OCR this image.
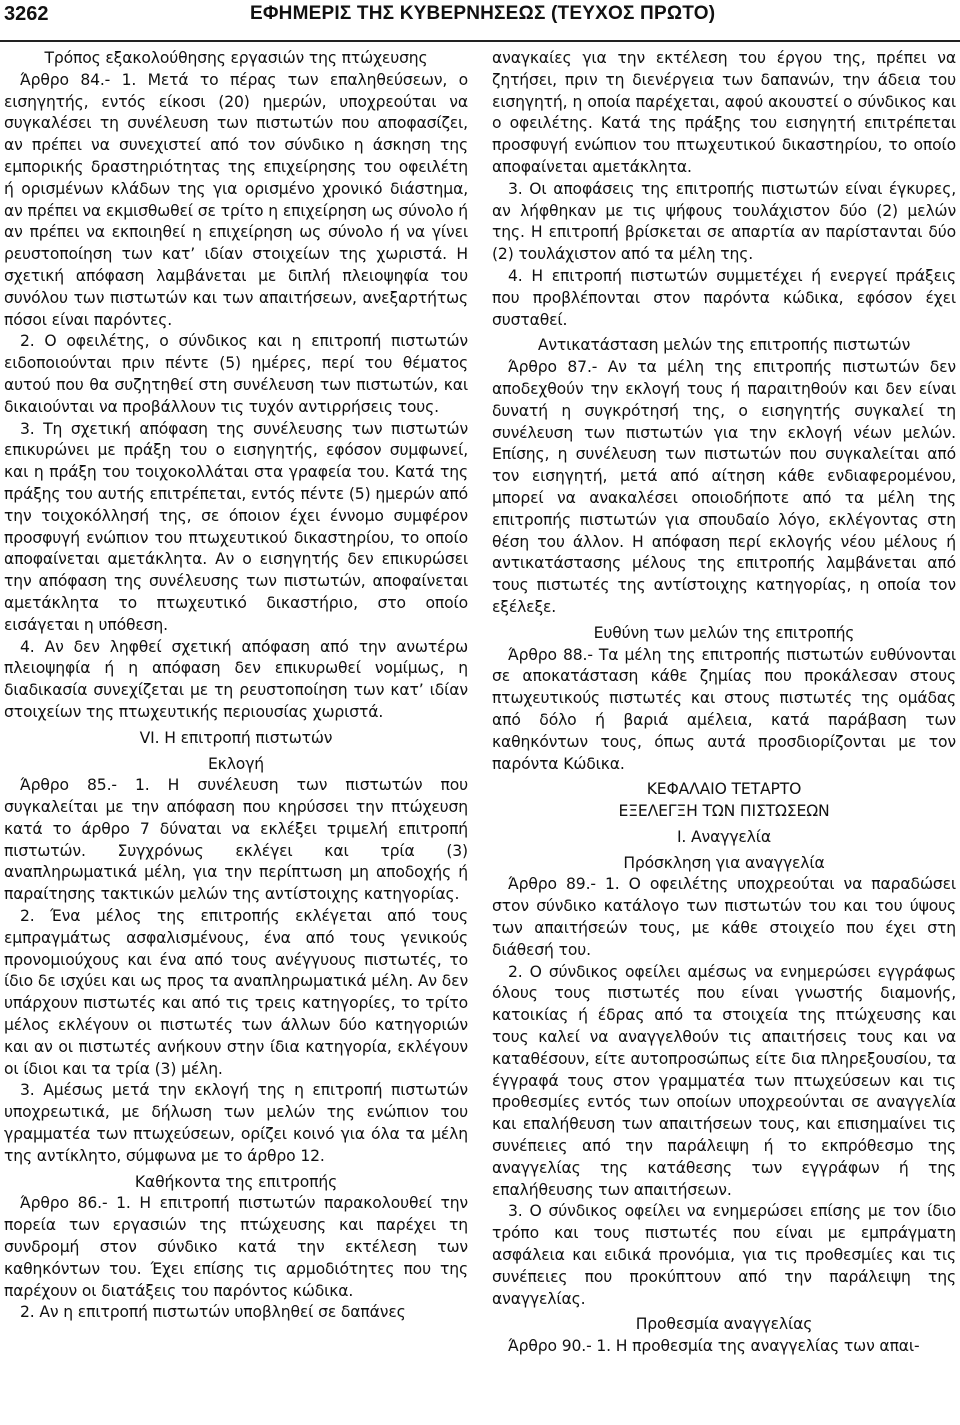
3262	ΕΦΗΜΕΡΙΣ ΤΗΣ ΚΥΒΕΡΝΗΣΕΩΣ (ΤΕΥΧΟΣ ΠΡΩΤΟ)
Τρόπος εξακολούθησης εργασιών της πτώχευσης

Άρθρο 84.- 1. Μετά το πέρας των επαληθεύσεων, ο εισηγητής, εντός είκοσι (20) ημερών, υποχρεούται να συγκαλέσει τη συνέλευση των πιστωτών που αποφασίζει, αν πρέπει να συνεχιστεί από τον σύνδικο η άσκηση της εμπορικής δραστηριότητας της επιχείρησης του οφειλέτη ή ορισμένων κλάδων της για ορισμένο χρονικό διάστημα, αν πρέπει να εκμισθωθεί σε τρίτο η επιχείρηση ως σύνολο ή αν πρέπει να εκποιηθεί η επιχείρηση ως σύνολο ή να γίνει ρευστοποίηση των κατ’ ιδίαν στοιχείων της χωριστά. Η σχετική απόφαση λαμβάνεται με διπλή πλειοψηφία του συνόλου των πιστωτών και των απαιτήσεων, ανεξαρτήτως πόσοι είναι παρόντες.

2. Ο οφειλέτης, ο σύνδικος και η επιτροπή πιστωτών ειδοποιούνται πριν πέντε (5) ημέρες, περί του θέματος αυτού που θα συζητηθεί στη συνέλευση των πιστωτών, και δικαιούνται να προβάλλουν τις τυχόν αντιρρήσεις τους.

3. Τη σχετική απόφαση της συνέλευσης των πιστωτών επικυρώνει με πράξη του ο εισηγητής, εφόσον συμφωνεί, και η πράξη του τοιχοκολλάται στα γραφεία του. Κατά της πράξης του αυτής επιτρέπεται, εντός πέντε (5) ημερών από την τοιχοκόλλησή της, σε όποιον έχει έννομο συμφέρον προσφυγή ενώπιον του πτωχευτικού δικαστηρίου, το οποίο αποφαίνεται αμετάκλητα. Αν ο εισηγητής δεν επικυρώσει την απόφαση της συνέλευσης των πιστωτών, αποφαίνεται αμετάκλητα το πτωχευτικό δικαστήριο, στο οποίο εισάγεται η υπόθεση.

4. Αν δεν ληφθεί σχετική απόφαση από την ανωτέρω πλειοψηφία ή η απόφαση δεν επικυρωθεί νομίμως, η διαδικασία συνεχίζεται με τη ρευστοποίηση των κατ’ ιδίαν στοιχείων της πτωχευτικής περιουσίας χωριστά.

VI. Η επιτροπή πιστωτών
Εκλογή

Άρθρο 85.- 1. Η συνέλευση των πιστωτών που συγκαλείται με την απόφαση που κηρύσσει την πτώχευση κατά το άρθρο 7 δύναται να εκλέξει τριμελή επιτροπή πιστωτών. Συγχρόνως εκλέγει και τρία (3) αναπληρωματικά μέλη, για την περίπτωση μη αποδοχής ή παραίτησης τακτικών μελών της αντίστοιχης κατηγορίας.

2. Ένα μέλος της επιτροπής εκλέγεται από τους εμπραγμάτως ασφαλισμένους, ένα από τους γενικούς προνομιούχους και ένα από τους ανέγγυους πιστωτές, το ίδιο δε ισχύει και ως προς τα αναπληρωματικά μέλη. Αν δεν υπάρχουν πιστωτές και από τις τρεις κατηγορίες, το τρίτο μέλος εκλέγουν οι πιστωτές των άλλων δύο κατηγοριών και αν οι πιστωτές ανήκουν στην ίδια κατηγορία, εκλέγουν οι ίδιοι και τα τρία (3) μέλη.

3. Αμέσως μετά την εκλογή της η επιτροπή πιστωτών υποχρεωτικά, με δήλωση των μελών της ενώπιον του γραμματέα των πτωχεύσεων, ορίζει κοινό για όλα τα μέλη της αντίκλητο, σύμφωνα με το άρθρο 12.

Καθήκοντα της επιτροπής

Άρθρο 86.- 1. Η επιτροπή πιστωτών παρακολουθεί την πορεία των εργασιών της πτώχευσης και παρέχει τη συνδρομή στον σύνδικο κατά την εκτέλεση των καθηκόντων του. Έχει επίσης τις αρμοδιότητες που της παρέχουν οι διατάξεις του παρόντος κώδικα.

2. Αν η επιτροπή πιστωτών υποβληθεί σε δαπάνες

αναγκαίες για την εκτέλεση του έργου της, πρέπει να ζητήσει, πριν τη διενέργεια των δαπανών, την άδεια του εισηγητή, η οποία παρέχεται, αφού ακουστεί ο σύνδικος και ο οφειλέτης. Κατά της πράξης του εισηγητή επιτρέπεται προσφυγή ενώπιον του πτωχευτικού δικαστηρίου, το οποίο αποφαίνεται αμετάκλητα.

3. Οι αποφάσεις της επιτροπής πιστωτών είναι έγκυρες, αν λήφθηκαν με τις ψήφους τουλάχιστον δύο (2) μελών της. Η επιτροπή βρίσκεται σε απαρτία αν παρίστανται δύο (2) τουλάχιστον από τα μέλη της.

4. Η επιτροπή πιστωτών συμμετέχει ή ενεργεί πράξεις που προβλέπονται στον παρόντα κώδικα, εφόσον έχει συσταθεί.

Αντικατάσταση μελών της επιτροπής πιστωτών

Άρθρο 87.- Αν τα μέλη της επιτροπής πιστωτών δεν αποδεχθούν την εκλογή τους ή παραιτηθούν και δεν είναι δυνατή η συγκρότησή της, ο εισηγητής συγκαλεί τη συνέλευση των πιστωτών για την εκλογή νέων μελών. Επίσης, η συνέλευση των πιστωτών που συγκαλείται από τον εισηγητή, μετά από αίτηση κάθε ενδιαφερομένου, μπορεί να ανακαλέσει οποιοδήποτε από τα μέλη της επιτροπής πιστωτών για σπουδαίο λόγο, εκλέγοντας στη θέση του άλλον. Η απόφαση περί εκλογής νέου μέλους ή αντικατάστασης μέλους της επιτροπής λαμβάνεται από τους πιστωτές της αντίστοιχης κατηγορίας, η οποία τον εξέλεξε.

Ευθύνη των μελών της επιτροπής

Άρθρο 88.- Τα μέλη της επιτροπής πιστωτών ευθύνονται σε αποκατάσταση κάθε ζημίας που προκάλεσαν στους πτωχευτικούς πιστωτές και στους πιστωτές της ομάδας από δόλο ή βαριά αμέλεια, κατά παράβαση των καθηκόντων τους, όπως αυτά προσδιορίζονται με τον παρόντα Κώδικα.

ΚΕΦΑΛΑΙΟ ΤΕΤΑΡΤΟ
ΕΞΕΛΕΓΞΗ ΤΩΝ ΠΙΣΤΩΣΕΩΝ
Ι. Αναγγελία
Πρόσκληση για αναγγελία

Άρθρο 89.- 1. Ο οφειλέτης υποχρεούται να παραδώσει στον σύνδικο κατάλογο των πιστωτών του και του ύψους των απαιτήσεών τους, με κάθε στοιχείο που έχει στη διάθεσή του.

2. Ο σύνδικος οφείλει αμέσως να ενημερώσει εγγράφως όλους τους πιστωτές που είναι γνωστής διαμονής, κατοικίας ή έδρας από τα στοιχεία της πτώχευσης και τους καλεί να αναγγελθούν τις απαιτήσεις τους και να καταθέσουν, είτε αυτοπροσώπως είτε δια πληρεξουσίου, τα έγγραφά τους στον γραμματέα των πτωχεύσεων και τις προθεσμίες εντός των οποίων υποχρεούνται σε αναγγελία και επαλήθευση των απαιτήσεων τους, και επισημαίνει τις συνέπειες από την παράλειψη ή το εκπρόθεσμο της αναγγελίας της κατάθεσης των εγγράφων ή της επαλήθευσης των απαιτήσεων.

3. Ο σύνδικος οφείλει να ενημερώσει επίσης με τον ίδιο τρόπο και τους πιστωτές που είναι με εμπράγματη ασφάλεια και ειδικά προνόμια, για τις προθεσμίες και τις συνέπειες που προκύπτουν από την παράλειψη της αναγγελίας.

Προθεσμία αναγγελίας

Άρθρο 90.- 1. Η προθεσμία της αναγγελίας των απαι-
